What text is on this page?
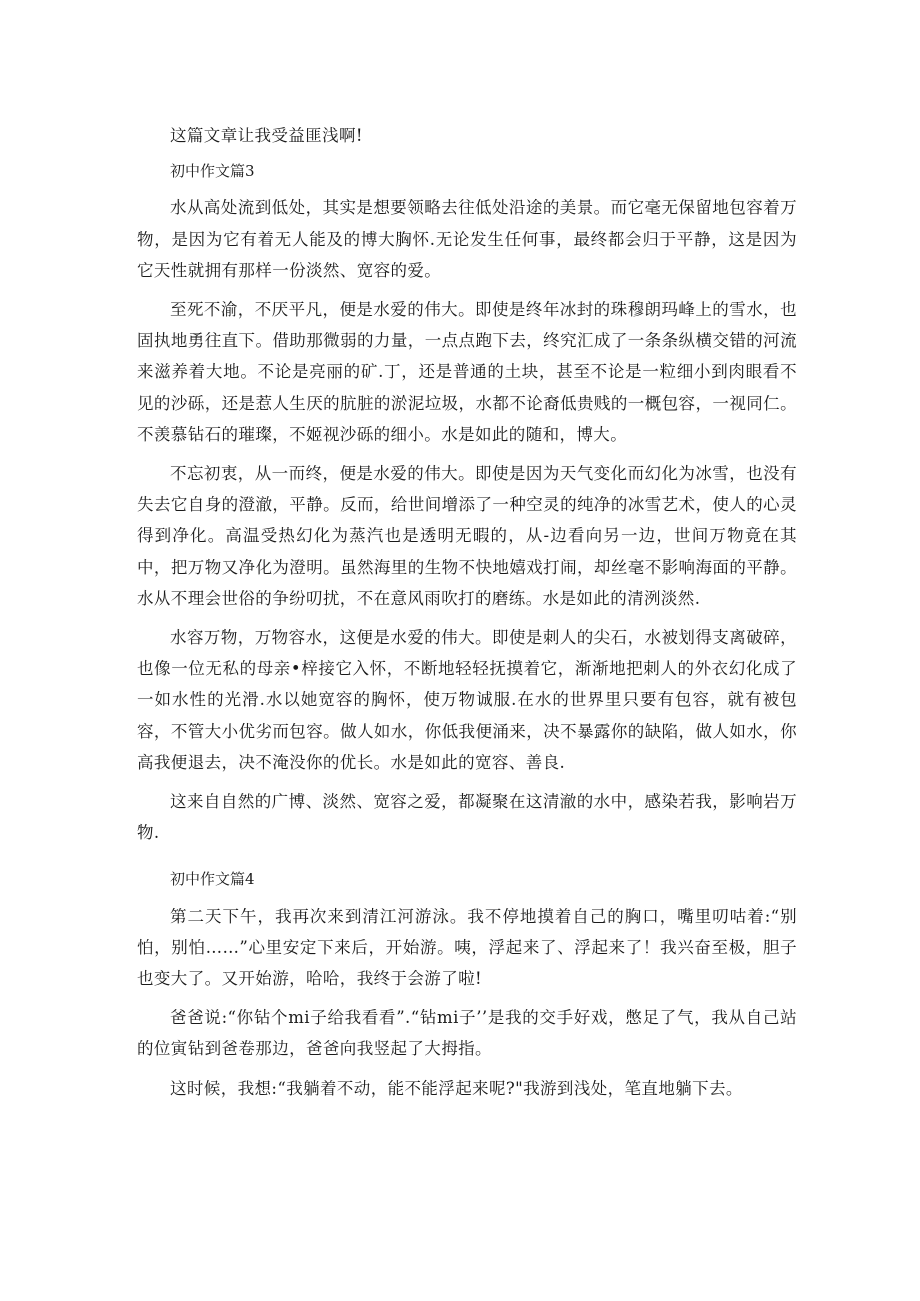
这篇文章让我受益匪浅啊!

初中作文篇3

水从高处流到低处，其实是想要领略去往低处沿途的美景。而它毫无保留地包容着万物，是因为它有着无人能及的博大胸怀.无论发生任何事，最终都会归于平静，这是因为它天性就拥有那样一份淡然、宽容的爱。

至死不渝，不厌平凡，便是水爱的伟大。即使是终年冰封的珠穆朗玛峰上的雪水，也固执地勇往直下。借助那微弱的力量，一点点跑下去，终究汇成了一条条纵横交错的河流来滋养着大地。不论是亮丽的矿.丁，还是普通的土块，甚至不论是一粒细小到肉眼看不见的沙砾，还是惹人生厌的肮脏的淤泥垃圾，水都不论裔低贵贱的一概包容，一视同仁。不羡慕钻石的璀璨，不姬视沙砾的细小。水是如此的随和，博大。

不忘初衷，从一而终，便是水爱的伟大。即使是因为天气变化而幻化为冰雪，也没有失去它自身的澄澈，平静。反而，给世间增添了一种空灵的纯净的冰雪艺术，使人的心灵得到净化。高温受热幻化为蒸汽也是透明无暇的，从-边看向另一边，世间万物竟在其中，把万物又净化为澄明。虽然海里的生物不快地嬉戏打闹，却丝毫不影响海面的平静。水从不理会世俗的争纷叨扰，不在意风雨吹打的磨练。水是如此的清洌淡然.

水容万物，万物容水，这便是水爱的伟大。即使是刺人的尖石，水被划得支离破碎，也像一位无私的母亲•梓接它入怀，不断地轻轻抚摸着它，渐渐地把刺人的外衣幻化成了一如水性的光滑.水以她宽容的胸怀，使万物诚服.在水的世界里只要有包容，就有被包容，不管大小优劣而包容。做人如水，你低我便涌来，决不暴露你的缺陷，做人如水，你高我便退去，决不淹没你的优长。水是如此的宽容、善良.

这来自自然的广博、淡然、宽容之爱，都凝聚在这清澈的水中，感染若我，影响岩万物.

初中作文篇4

第二天下午，我再次来到清江河游泳。我不停地摸着自己的胸口，嘴里叨咕着:“别怕，别怕……”心里安定下来后，开始游。咦，浮起来了、浮起来了！我兴奋至极，胆子也变大了。又开始游，哈哈，我终于会游了啦!

爸爸说:“你钻个mi子给我看看”.“钻mi子’’是我的交手好戏，憋足了气，我从自己站的位寅钻到爸卷那边，爸爸向我竖起了大拇指。

这时候，我想:“我躺着不动，能不能浮起来呢?"我游到浅处，笔直地躺下去。
